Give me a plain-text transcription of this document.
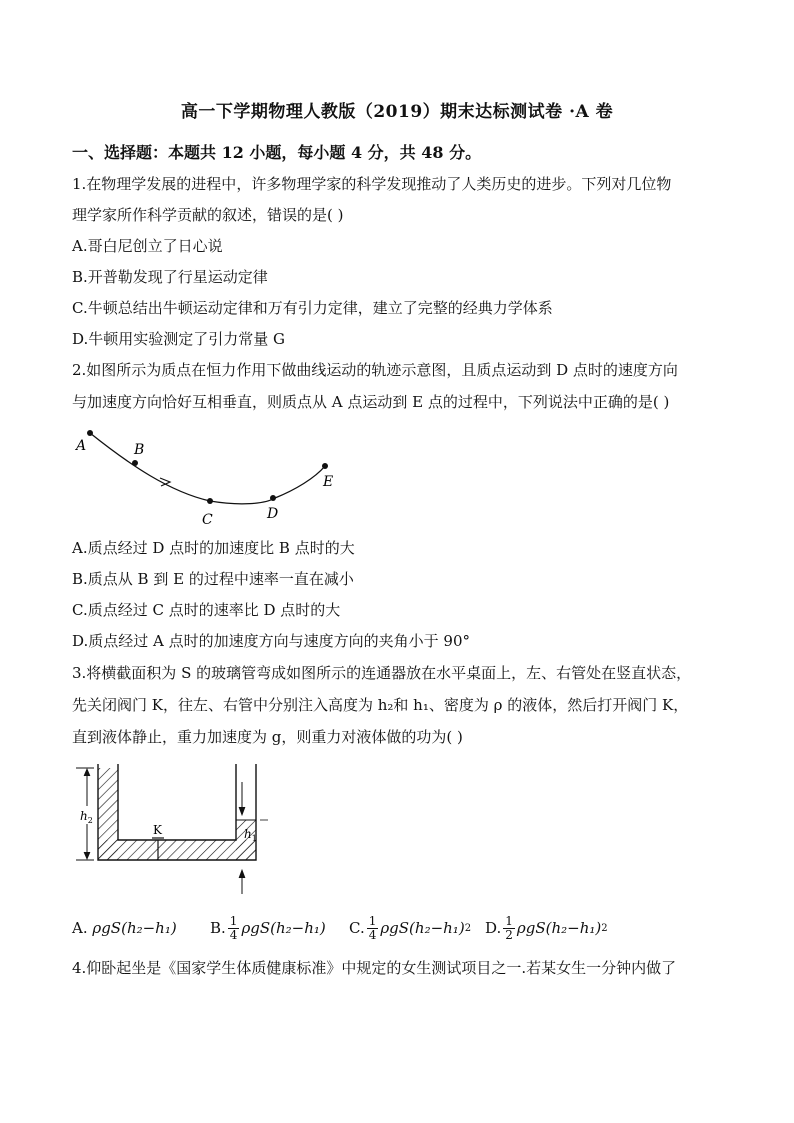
高一下学期物理人教版（2019）期末达标测试卷 ·A 卷
一、选择题：本题共 12 小题，每小题 4 分，共 48 分。
1.在物理学发展的进程中，许多物理学家的科学发现推动了人类历史的进步。下列对几位物
理学家所作科学贡献的叙述，错误的是( )
A.哥白尼创立了日心说
B.开普勒发现了行星运动定律
C.牛顿总结出牛顿运动定律和万有引力定律，建立了完整的经典力学体系
D.牛顿用实验测定了引力常量 G
2.如图所示为质点在恒力作用下做曲线运动的轨迹示意图，且质点运动到 D 点时的速度方向
与加速度方向恰好互相垂直，则质点从 A 点运动到 E 点的过程中，下列说法中正确的是( )
A	B
C	D
E
A.质点经过 D 点时的加速度比 B 点时的大
B.质点从 B 到 E 的过程中速率一直在减小
C.质点经过 C 点时的速率比 D 点时的大
D.质点经过 A 点时的加速度方向与速度方向的夹角小于 90°
3.将横截面积为 S 的玻璃管弯成如图所示的连通器放在水平桌面上，左、右管处在竖直状态，
先关闭阀门 K，往左、右管中分别注入高度为 h₂和 h₁、密度为 ρ 的液体，然后打开阀门 K，
直到液体静止，重力加速度为 g，则重力对液体做的功为( )
K
$h_2$
$h_1$
A.
ρgS(h₂−h₁) B. $\frac{1}{4} \rho gS(h_2-h_1)$ C. $\frac{1}{4} \rho gS(h_2-h_1)$ 2 D. $\frac{1}{2} \rho gS(h_2-h_1)$ 2
4.仰卧起坐是《国家学生体质健康标准》中规定的女生测试项目之一.若某女生一分钟内做了
